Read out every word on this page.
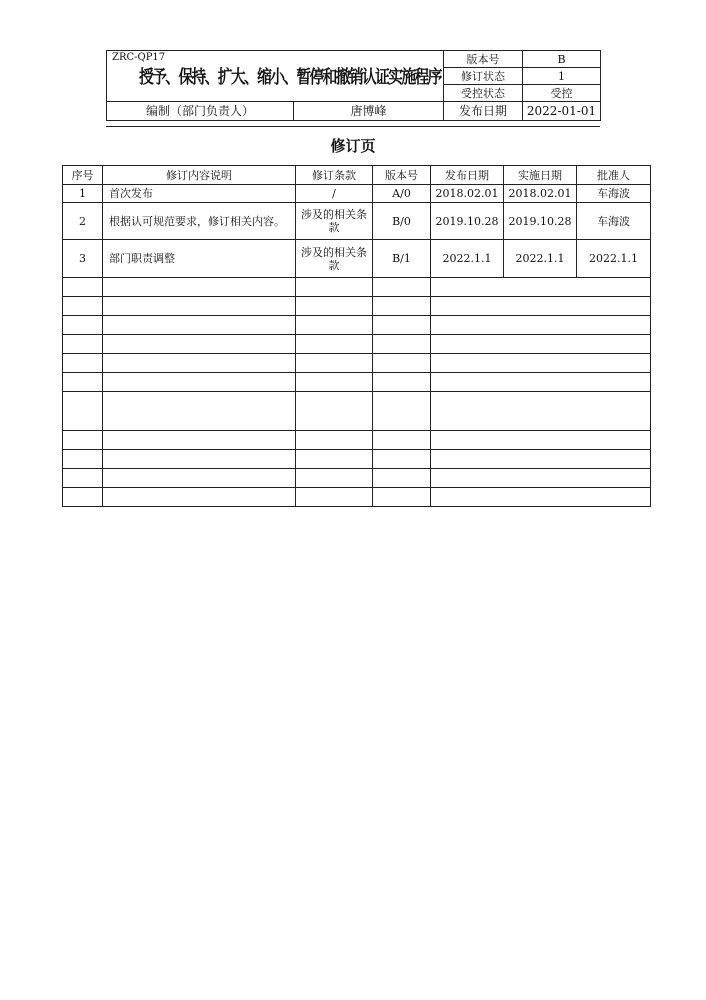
ZRC-QP17
授予、保持、扩大、缩小、暂停和撤销认证实施程序		版本号	B
		修订状态	1
		受控状态	受控
编制（部门负责人）	唐博峰	发布日期	2022-01-01
修订页
序号	修订内容说明	修订条款	版本号	发布日期	实施日期	批准人
1	首次发布	/	A/0	2018.02.01	2018.02.01	车海波
2	根据认可规范要求，修订相关内容。	涉及的相关条款	B/0	2019.10.28	2019.10.28	车海波
3	部门职责调整	涉及的相关条款	B/1	2022.1.1	2022.1.1	2022.1.1
